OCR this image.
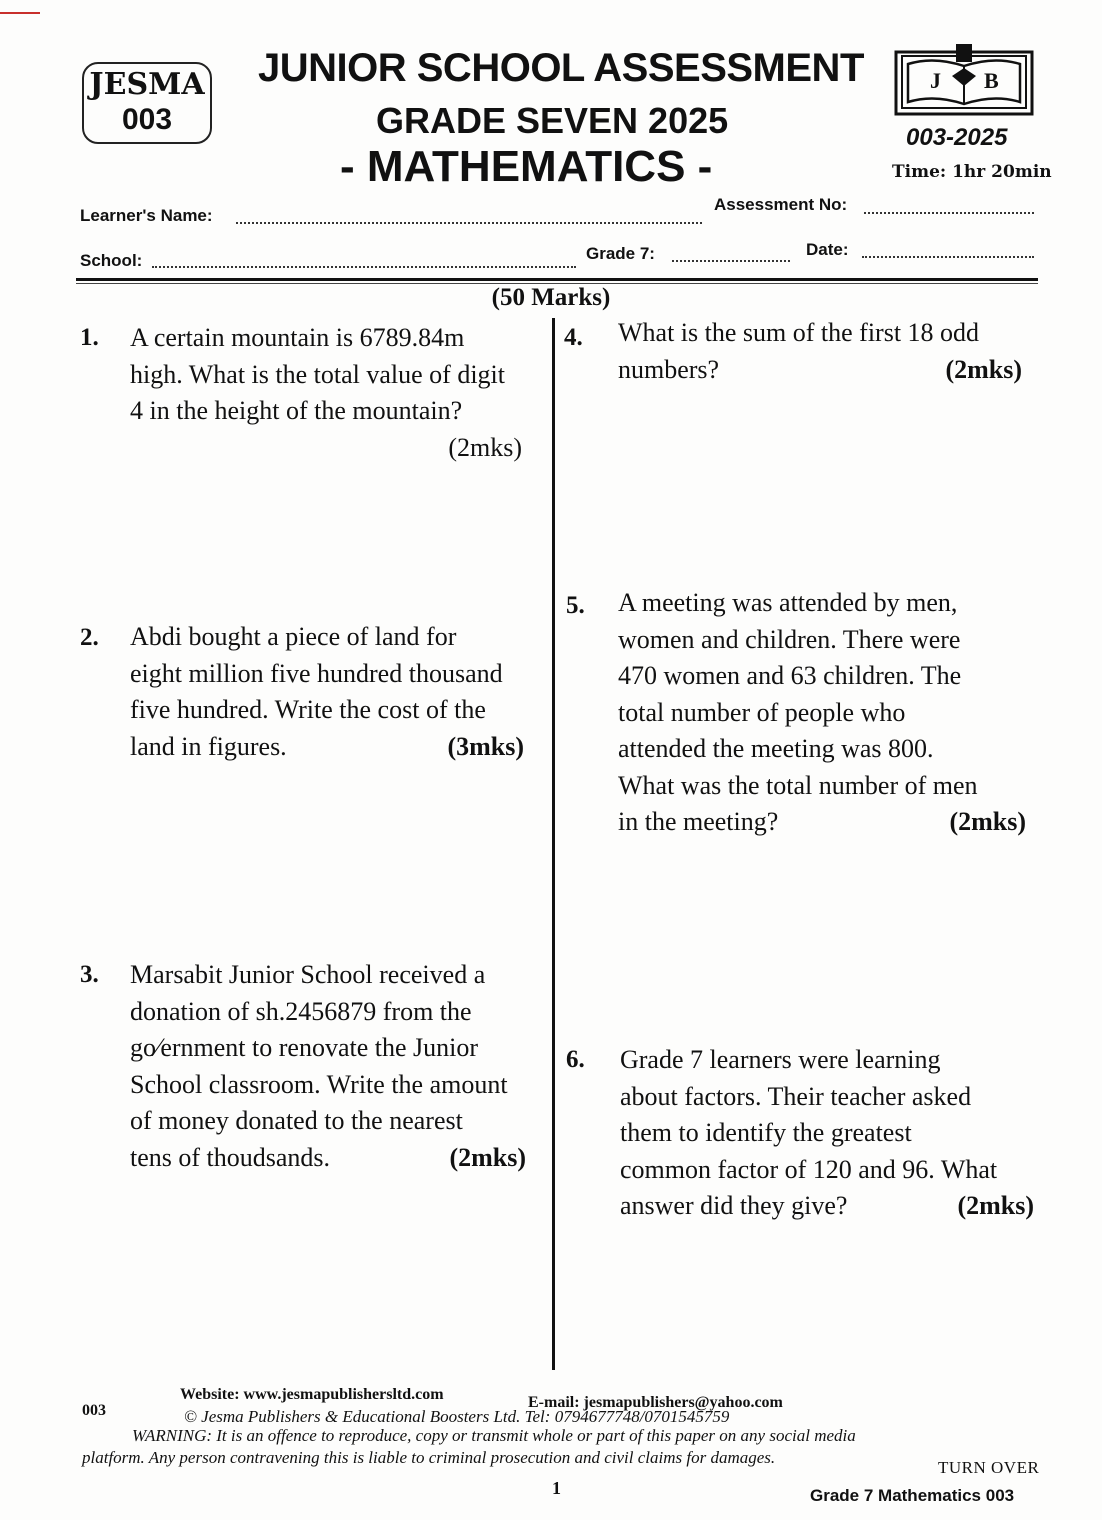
JESMA
003
JUNIOR SCHOOL ASSESSMENT
GRADE SEVEN 2025
- MATHEMATICS -
J B
003-2025
Time: 1hr 20min
Learner's Name:
Assessment No:
School:	Grade 7:	Date:
(50 Marks)
1. A certain mountain is 6789.84m
high. What is the total value of digit
4 in the height of the mountain?
(2mks)
2. Abdi bought a piece of land for
eight million five hundred thousand
five hundred. Write the cost of the
land in figures.	(3mks)
3. Marsabit Junior School received a
donation of sh.2456879 from the
go⁄ernment to renovate the Junior
School classroom. Write the amount
of money donated to the nearest
tens of thoudsands.	(2mks)
4. What is the sum of the first 18 odd
numbers?	(2mks)
5. A meeting was attended by men,
women and children. There were
470 women and 63 children. The
total number of people who
attended the meeting was 800.
What was the total number of men
in the meeting?	(2mks)
6. Grade 7 learners were learning
about factors. Their teacher asked
them to identify the greatest
common factor of 120 and 96. What
answer did they give?	(2mks)
003
Website: www.jesmapublishersltd.com	E-mail: jesmapublishers@yahoo.com
© Jesma Publishers & Educational Boosters Ltd. Tel: 0794677748/0701545759
WARNING: It is an offence to reproduce, copy or transmit whole or part of this paper on any social media
platform. Any person contravening this is liable to criminal prosecution and civil claims for damages.
TURN OVER
1	Grade 7 Mathematics 003
